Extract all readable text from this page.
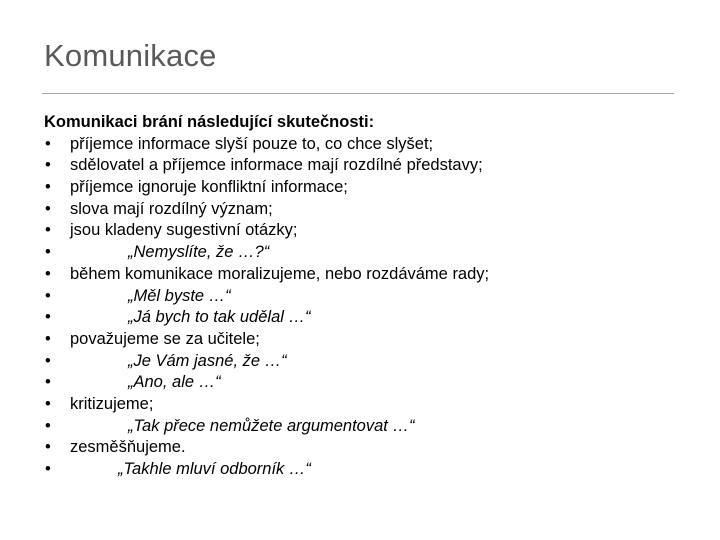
Komunikace
Komunikaci brání následující skutečnosti:
•	příjemce informace slyší pouze to, co chce slyšet;
•	sdělovatel a příjemce informace mají rozdílné představy;
•	příjemce ignoruje konfliktní informace;
•	slova mají rozdílný význam;
•	jsou kladeny sugestivní otázky;
•	„Nemyslíte, že …?“
•	během komunikace moralizujeme, nebo rozdáváme rady;
•	„Měl byste …“
•	„Já bych to tak udělal …“
•	považujeme se za učitele;
•	„Je Vám jasné, že …“
•	„Ano, ale …“
•	kritizujeme;
•	„Tak přece nemůžete argumentovat …“
•	zesměšňujeme.
•	„Takhle mluví odborník …“
